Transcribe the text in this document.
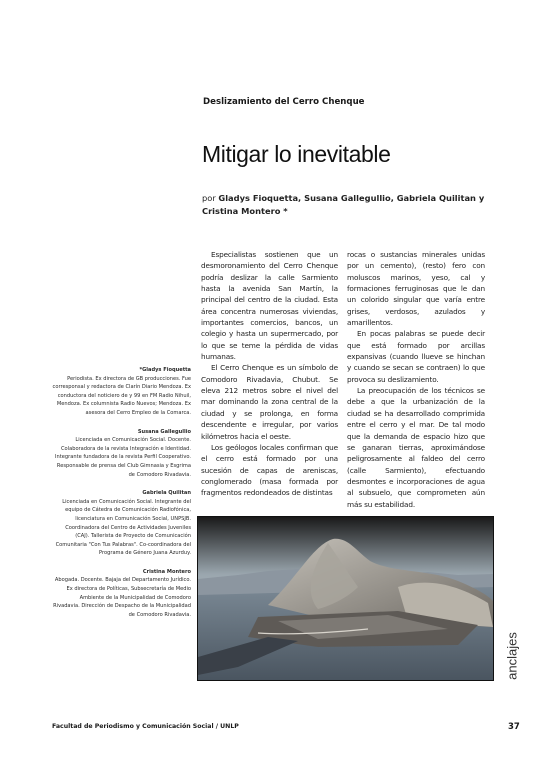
Deslizamiento del Cerro Chenque
Mitigar lo inevitable
por Gladys Fioquetta, Susana Gallegullio, Gabriela Quilitan y Cristina Montero *

Especialistas sostienen que un desmoronamiento del Cerro Chenque podría deslizar la calle Sarmiento hasta la avenida San Martín, la principal del centro de la ciudad. Esta área concentra numerosas viviendas, importantes comercios, bancos, un colegio y hasta un supermercado, por lo que se teme la pérdida de vidas humanas.

El Cerro Chenque es un símbolo de Comodoro Rivadavia, Chubut. Se eleva 212 metros sobre el nivel del mar dominando la zona central de la ciudad y se prolonga, en forma descendente e irregular, por varios kilómetros hacia el oeste.

Los geólogos locales confirman que el cerro está formado por una sucesión de capas de areniscas, conglomerado (masa formada por fragmentos redondeados de distintas

rocas o sustancias minerales unidas por un cemento), (resto) fero con moluscos marinos, yeso, cal y formaciones ferruginosas que le dan un colorido singular que varía entre grises, verdosos, azulados y amarillentos.

En pocas palabras se puede decir que está formado por arcillas expansivas (cuando llueve se hinchan y cuando se secan se contraen) lo que provoca su deslizamiento.

La preocupación de los técnicos se debe a que la urbanización de la ciudad se ha desarrollado comprimida entre el cerro y el mar. De tal modo que la demanda de espacio hizo que se ganaran tierras, aproximándose peligrosamente al faldeo del cerro (calle Sarmiento), efectuando desmontes e incorporaciones de agua al subsuelo, que comprometen aún más su estabilidad.

*Gladys Fioquetta
Periodista. Ex directora de GB producciones. Fue corresponsal y redactora de Clarín Diario Mendoza. Ex conductora del noticiero de y 99 en FM Radio Nihuil, Mendoza. Ex columnista Radio Nuevos; Mendoza. Ex asesora del Cerro Empleo de la Comarca.
Susana Gallegullio
Licenciada en Comunicación Social. Docente. Colaboradora de la revista Integración e Identidad. Integrante fundadora de la revista Perfil Cooperativo. Responsable de prensa del Club Gimnasia y Esgrima de Comodoro Rivadavia.
Gabriela Quilitan
Licenciada en Comunicación Social. Integrante del equipo de Cátedra de Comunicación Radiofónica, licenciatura en Comunicación Social, UNPSJB. Coordinadora del Centro de Actividades Juveniles (CAJ). Tallerista de Proyecto de Comunicación Comunitaria "Con Tus Palabras". Co-coordinadora del Programa de Género Juana Azurduy.
Cristina Montero
Abogada. Docente. Bajaja del Departamento Jurídico. Ex directora de Políticas, Subsecretaría de Medio Ambiente de la Municipalidad de Comodoro Rivadavia. Dirección de Despacho de la Municipalidad de Comodoro Rivadavia.
anclajes
Facultad de Periodismo y Comunicación Social / UNLP	37
